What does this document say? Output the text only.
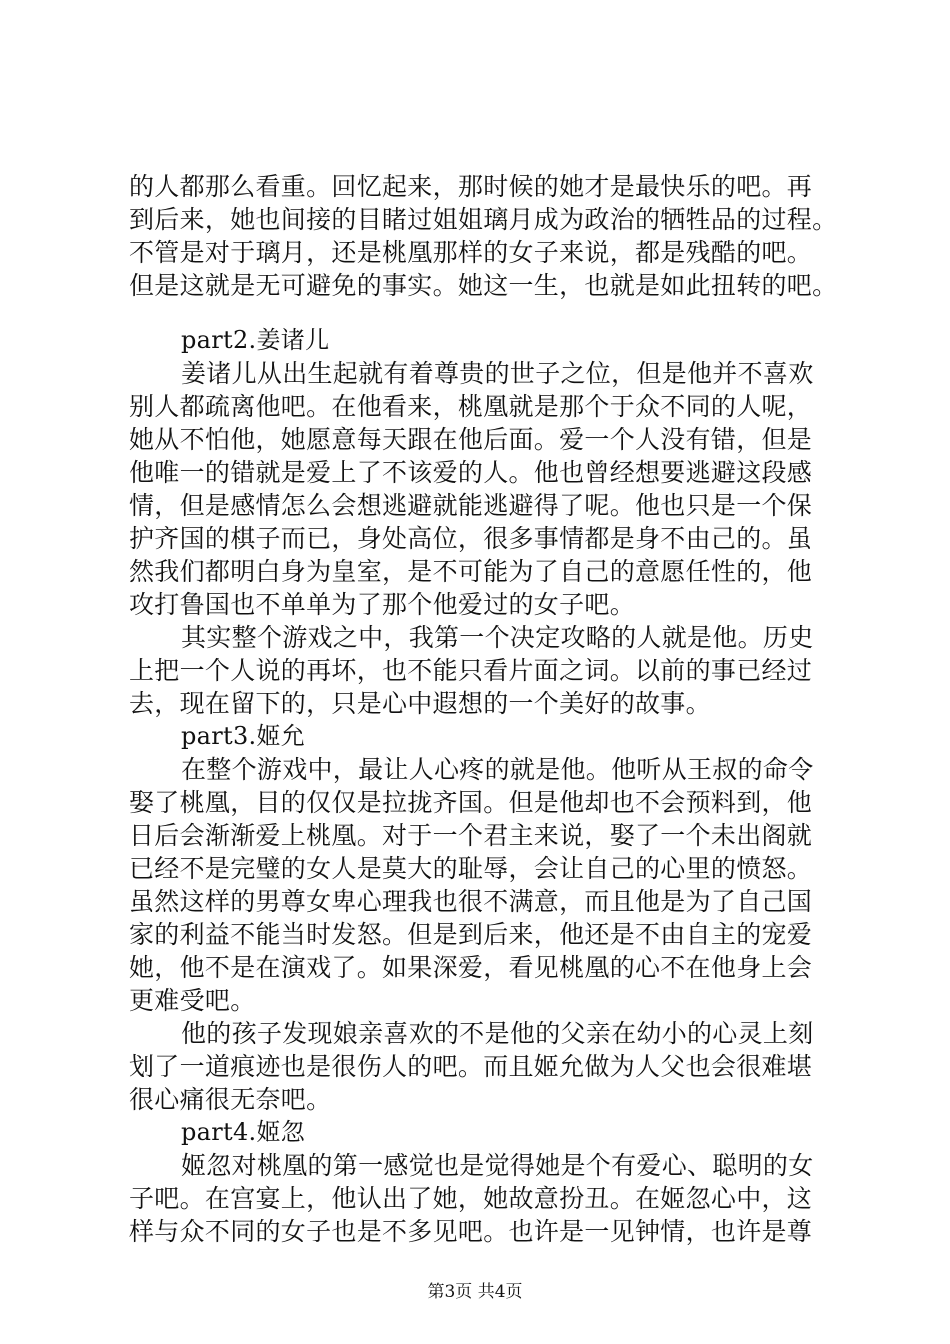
的人都那么看重。回忆起来，那时候的她才是最快乐的吧。再
到后来，她也间接的目睹过姐姐璃月成为政治的牺牲品的过程。
不管是对于璃月，还是桃凰那样的女子来说，都是残酷的吧。
但是这就是无可避免的事实。她这一生，也就是如此扭转的吧。
part2.姜诸儿
姜诸儿从出生起就有着尊贵的世子之位，但是他并不喜欢
别人都疏离他吧。在他看来，桃凰就是那个于众不同的人呢，
她从不怕他，她愿意每天跟在他后面。爱一个人没有错，但是
他唯一的错就是爱上了不该爱的人。他也曾经想要逃避这段感
情，但是感情怎么会想逃避就能逃避得了呢。他也只是一个保
护齐国的棋子而已，身处高位，很多事情都是身不由己的。虽
然我们都明白身为皇室，是不可能为了自己的意愿任性的，他
攻打鲁国也不单单为了那个他爱过的女子吧。
其实整个游戏之中，我第一个决定攻略的人就是他。历史
上把一个人说的再坏，也不能只看片面之词。以前的事已经过
去，现在留下的，只是心中遐想的一个美好的故事。
part3.姬允
在整个游戏中，最让人心疼的就是他。他听从王叔的命令
娶了桃凰，目的仅仅是拉拢齐国。但是他却也不会预料到，他
日后会渐渐爱上桃凰。对于一个君主来说，娶了一个未出阁就
已经不是完璧的女人是莫大的耻辱，会让自己的心里的愤怒。
虽然这样的男尊女卑心理我也很不满意，而且他是为了自己国
家的利益不能当时发怒。但是到后来，他还是不由自主的宠爱
她，他不是在演戏了。如果深爱，看见桃凰的心不在他身上会
更难受吧。
他的孩子发现娘亲喜欢的不是他的父亲在幼小的心灵上刻
划了一道痕迹也是很伤人的吧。而且姬允做为人父也会很难堪
很心痛很无奈吧。
part4.姬忽
姬忽对桃凰的第一感觉也是觉得她是个有爱心、聪明的女
子吧。在宫宴上，他认出了她，她故意扮丑。在姬忽心中，这
样与众不同的女子也是不多见吧。也许是一见钟情，也许是尊
第3页 共4页
